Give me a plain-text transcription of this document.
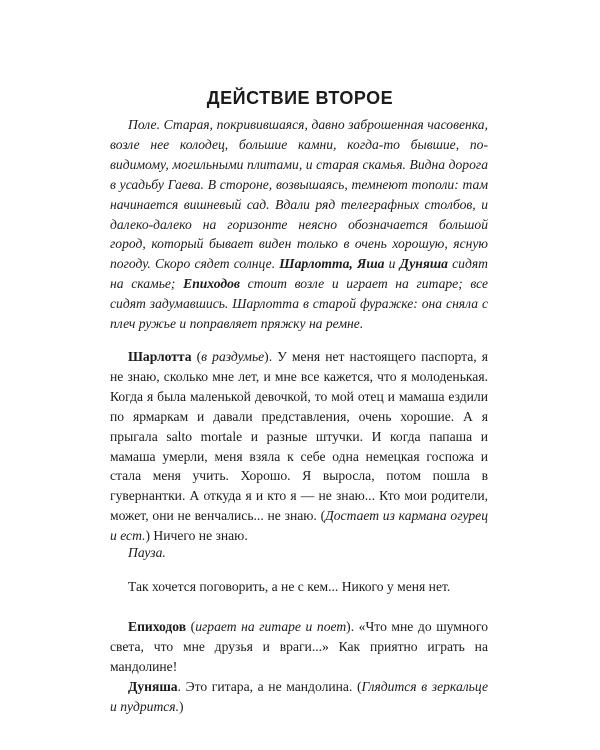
ДЕЙСТВИЕ ВТОРОЕ

Поле. Старая, покривившаяся, давно заброшенная часовенка, возле нее колодец, большие камни, когда-то бывшие, по-видимому, могильными плитами, и старая скамья. Видна дорога в усадьбу Гаева. В стороне, возвышаясь, темнеют тополи: там начинается вишневый сад. Вдали ряд телеграфных столбов, и далеко-далеко на горизонте неясно обозначается большой город, который бывает виден только в очень хорошую, ясную погоду. Скоро сядет солнце. Шарлотта, Яша и Дуняша сидят на скамье; Епиходов стоит возле и играет на гитаре; все сидят задумавшись. Шарлотта в старой фуражке: она сняла с плеч ружье и поправляет пряжку на ремне.

Шарлотта (в раздумье). У меня нет настоящего паспорта, я не знаю, сколько мне лет, и мне все кажется, что я молоденькая. Когда я была маленькой девочкой, то мой отец и мамаша ездили по ярмаркам и давали представления, очень хорошие. А я прыгала salto mortale и разные штучки. И когда папаша и мамаша умерли, меня взяла к себе одна немецкая госпожа и стала меня учить. Хорошо. Я выросла, потом пошла в гувернантки. А откуда я и кто я — не знаю... Кто мои родители, может, они не венчались... не знаю. (Достает из кармана огурец и ест.) Ничего не знаю.

Пауза.

Так хочется поговорить, а не с кем... Никого у меня нет.

Епиходов (играет на гитаре и поет). «Что мне до шумного света, что мне друзья и враги...» Как приятно играть на мандолине!

Дуняша. Это гитара, а не мандолина. (Глядится в зеркальце и пудрится.)
